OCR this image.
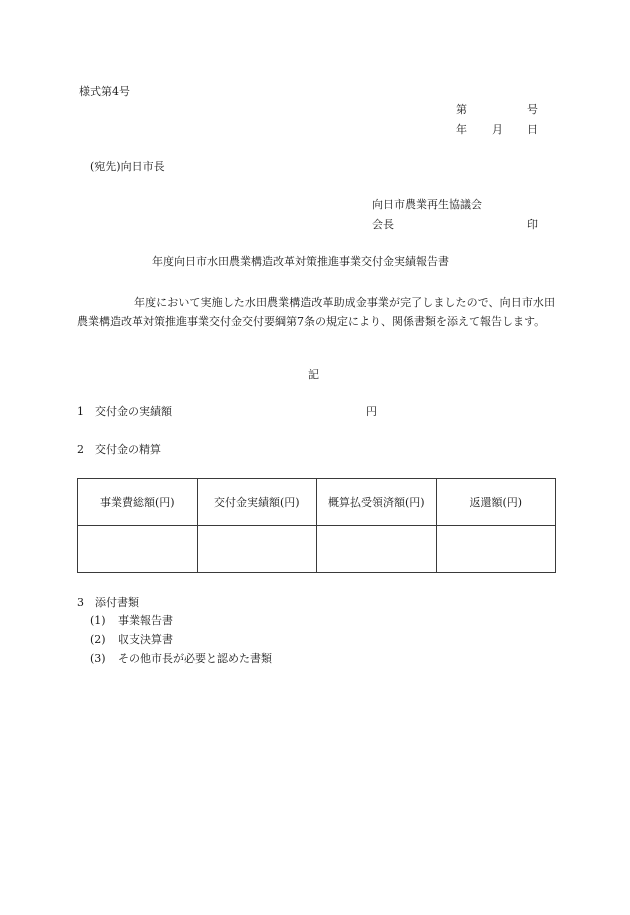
様式第4号
第	号
年 月 日
(宛先)向日市長
向日市農業再生協議会
会長	印
年度向日市水田農業構造改革対策推進事業交付金実績報告書

年度において実施した水田農業構造改革助成金事業が完了しましたので、向日市水田農業構造改革対策推進事業交付金交付要綱第7条の規定により、関係書類を添えて報告します。

記
1　交付金の実績額	円
2　交付金の精算
事業費総額(円)	交付金実績額(円)	概算払受領済額(円)	返還額(円)

3　添付書類
(1) 事業報告書
(2) 収支決算書
(3) その他市長が必要と認めた書類
